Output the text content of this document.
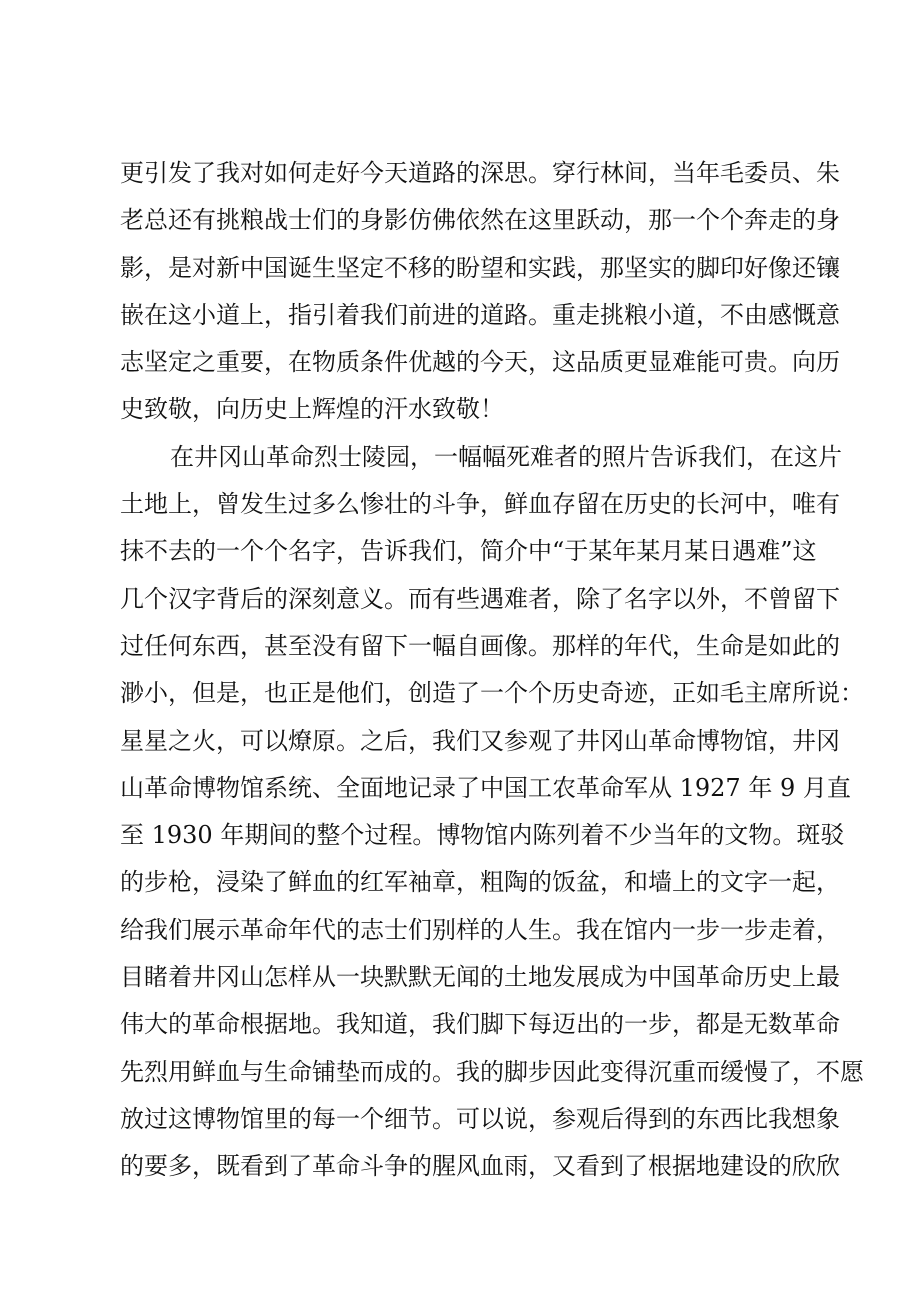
更引发了我对如何走好今天道路的深思。穿行林间，当年毛委员、朱
老总还有挑粮战士们的身影仿佛依然在这里跃动，那一个个奔走的身
影，是对新中国诞生坚定不移的盼望和实践，那坚实的脚印好像还镶
嵌在这小道上，指引着我们前进的道路。重走挑粮小道，不由感慨意
志坚定之重要，在物质条件优越的今天，这品质更显难能可贵。向历
史致敬，向历史上辉煌的汗水致敬！
在井冈山革命烈士陵园，一幅幅死难者的照片告诉我们，在这片
土地上，曾发生过多么惨壮的斗争，鲜血存留在历史的长河中，唯有
抹不去的一个个名字，告诉我们，简介中“于某年某月某日遇难”这
几个汉字背后的深刻意义。而有些遇难者，除了名字以外，不曾留下
过任何东西，甚至没有留下一幅自画像。那样的年代，生命是如此的
渺小，但是，也正是他们，创造了一个个历史奇迹，正如毛主席所说：
星星之火，可以燎原。之后，我们又参观了井冈山革命博物馆，井冈
山革命博物馆系统、全面地记录了中国工农革命军从 1927 年 9 月直
至 1930 年期间的整个过程。博物馆内陈列着不少当年的文物。斑驳
的步枪，浸染了鲜血的红军袖章，粗陶的饭盆，和墙上的文字一起，
给我们展示革命年代的志士们别样的人生。我在馆内一步一步走着，
目睹着井冈山怎样从一块默默无闻的土地发展成为中国革命历史上最
伟大的革命根据地。我知道，我们脚下每迈出的一步，都是无数革命
先烈用鲜血与生命铺垫而成的。我的脚步因此变得沉重而缓慢了，不愿
放过这博物馆里的每一个细节。可以说，参观后得到的东西比我想象
的要多，既看到了革命斗争的腥风血雨，又看到了根据地建设的欣欣
